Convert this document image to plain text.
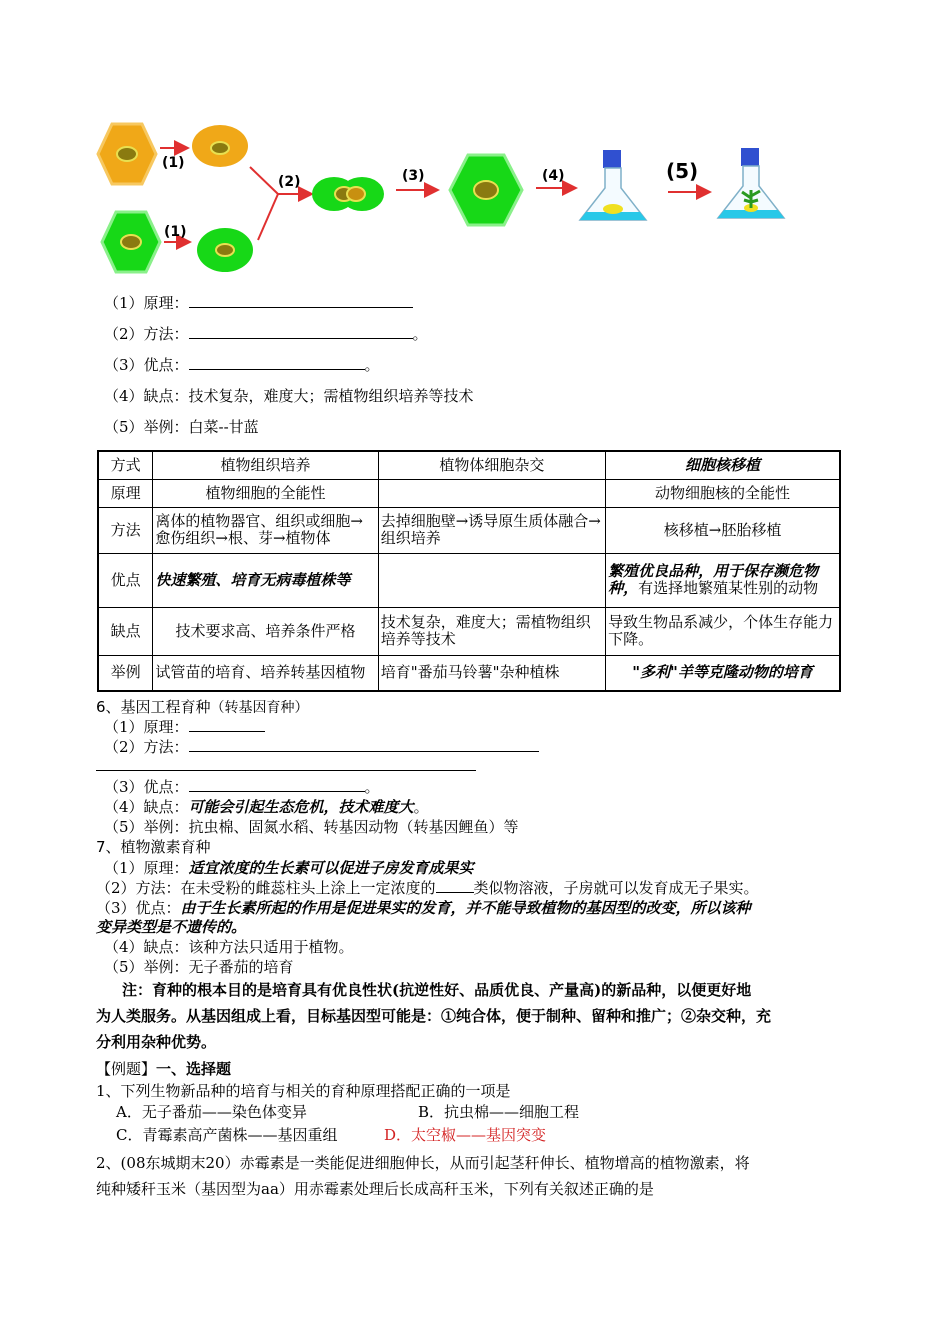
(1)
(1)
(2)	(3)	(4)	(5)
（1）原理：
（2）方法：	。
（3）优点：	。
（4）缺点：技术复杂，难度大；需植物组织培养等技术
（5）举例：白菜--甘蓝
方式	植物组织培养	植物体细胞杂交	细胞核移植
原理	植物细胞的全能性		动物细胞核的全能性
方法	离体的植物器官、组织或细胞→愈伤组织→根、芽→植物体	去掉细胞壁→诱导原生质体融合→组织培养	核移植→胚胎移植
优点	快速繁殖、培育无病毒植株等		繁殖优良品种，用于保存濒危物种，有选择地繁殖某性别的动物
缺点	技术要求高、培养条件严格	技术复杂，难度大；需植物组织培养等技术	导致生物品系减少，个体生存能力下降。
举例	试管苗的培育、培养转基因植物	培育"番茄马铃薯"杂种植株	"多利"羊等克隆动物的培育
6、基因工程育种（转基因育种）
（1）原理：
（2）方法：
（3）优点：	。
（4）缺点：可能会引起生态危机，技术难度大。
（5）举例：抗虫棉、固氮水稻、转基因动物（转基因鲤鱼）等
7、植物激素育种
（1）原理：适宜浓度的生长素可以促进子房发育成果实
（2）方法：在未受粉的雌蕊柱头上涂上一定浓度的	类似物溶液，子房就可以发育成无子果实。
（3）优点：由于生长素所起的作用是促进果实的发育，并不能导致植物的基因型的改变，所以该种
变异类型是不遗传的。
（4）缺点：该种方法只适用于植物。
（5）举例：无子番茄的培育
注：育种的根本目的是培育具有优良性状(抗逆性好、品质优良、产量高)的新品种，以便更好地
为人类服务。从基因组成上看，目标基因型可能是：①纯合体，便于制种、留种和推广；②杂交种，充
分利用杂种优势。
【例题】一、选择题
1、下列生物新品种的培育与相关的育种原理搭配正确的一项是
A．无子番茄——染色体变异	B．抗虫棉——细胞工程
C．青霉素高产菌株——基因重组	D．太空椒——基因突变
2、(08东城期末20）赤霉素是一类能促进细胞伸长，从而引起茎秆伸长、植物增高的植物激素，将
纯种矮秆玉米（基因型为aa）用赤霉素处理后长成高秆玉米，下列有关叙述正确的是
